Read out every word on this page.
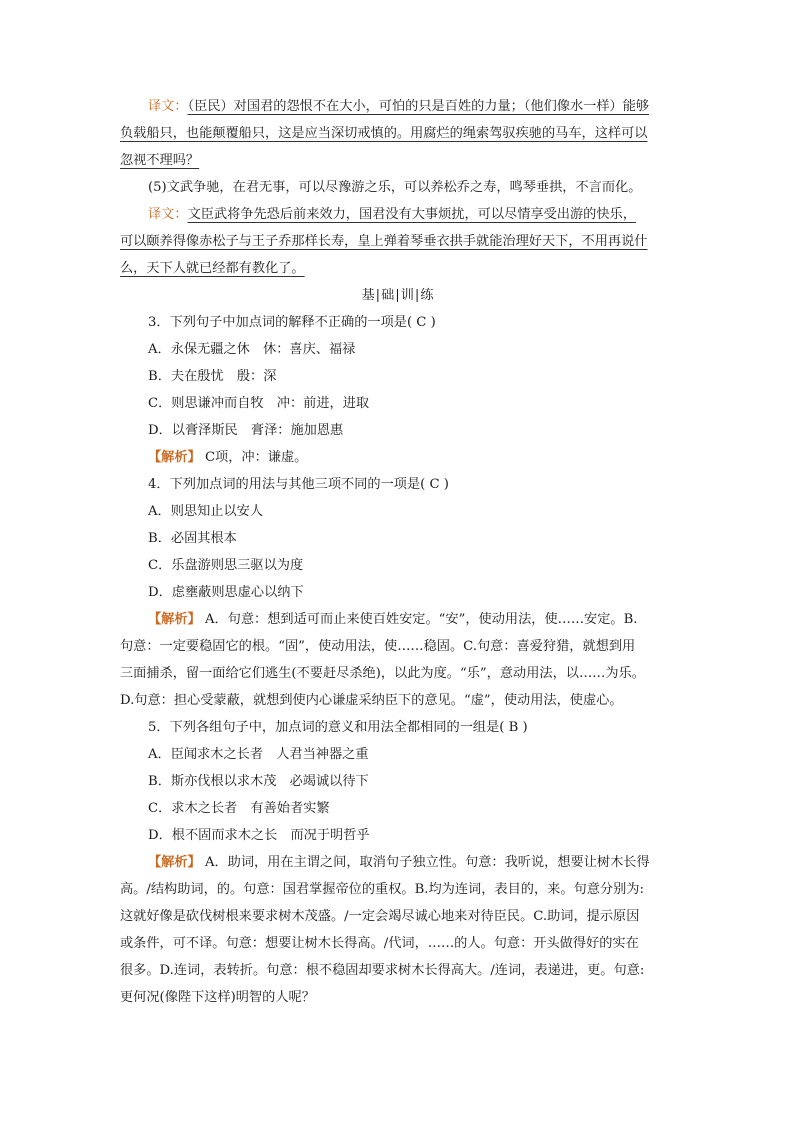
译文：（臣民）对国君的怨恨不在大小，可怕的只是百姓的力量；（他们像水一样）能够

负载船只，也能颠覆船只，这是应当深切戒慎的。用腐烂的绳索驾驭疾驰的马车，这样可以

忽视不理吗？

(5)文武争驰，在君无事，可以尽豫游之乐，可以养松乔之寿，鸣琴垂拱，不言而化。

译文：文臣武将争先恐后前来效力，国君没有大事烦扰，可以尽情享受出游的快乐，

可以颐养得像赤松子与王子乔那样长寿，皇上弹着琴垂衣拱手就能治理好天下，不用再说什

么，天下人就已经都有教化了。

基|础|训|练

3．下列句子中加点词的解释不正确的一项是( C )

A．永保无疆之休　休：喜庆、福禄

B．夫在殷忧　殷：深

C．则思谦冲而自牧　冲：前进，进取

D．以膏泽斯民　膏泽：施加恩惠

【解析】 C项，冲：谦虚。

4．下列加点词的用法与其他三项不同的一项是( C )

A．则思知止以安人

B．必固其根本

C．乐盘游则思三驱以为度

D．虑壅蔽则思虚心以纳下

【解析】 A．句意：想到适可而止来使百姓安定。“安”，使动用法，使……安定。B.

句意：一定要稳固它的根。“固”，使动用法，使……稳固。C.句意：喜爱狩猎，就想到用

三面捕杀，留一面给它们逃生(不要赶尽杀绝)，以此为度。“乐”，意动用法，以……为乐。

D.句意：担心受蒙蔽，就想到使内心谦虚采纳臣下的意见。“虚”，使动用法，使虚心。

5．下列各组句子中，加点词的意义和用法全都相同的一组是( B )

A．臣闻求木之长者　人君当神器之重

B．斯亦伐根以求木茂　必竭诚以待下

C．求木之长者　有善始者实繁

D．根不固而求木之长　而况于明哲乎

【解析】 A．助词，用在主谓之间，取消句子独立性。句意：我听说，想要让树木长得

高。/结构助词，的。句意：国君掌握帝位的重权。B.均为连词，表目的，来。句意分别为:

这就好像是砍伐树根来要求树木茂盛。/一定会竭尽诚心地来对待臣民。C.助词，提示原因

或条件，可不译。句意：想要让树木长得高。/代词，……的人。句意：开头做得好的实在

很多。D.连词，表转折。句意：根不稳固却要求树木长得高大。/连词，表递进，更。句意:

更何况(像陛下这样)明智的人呢？
